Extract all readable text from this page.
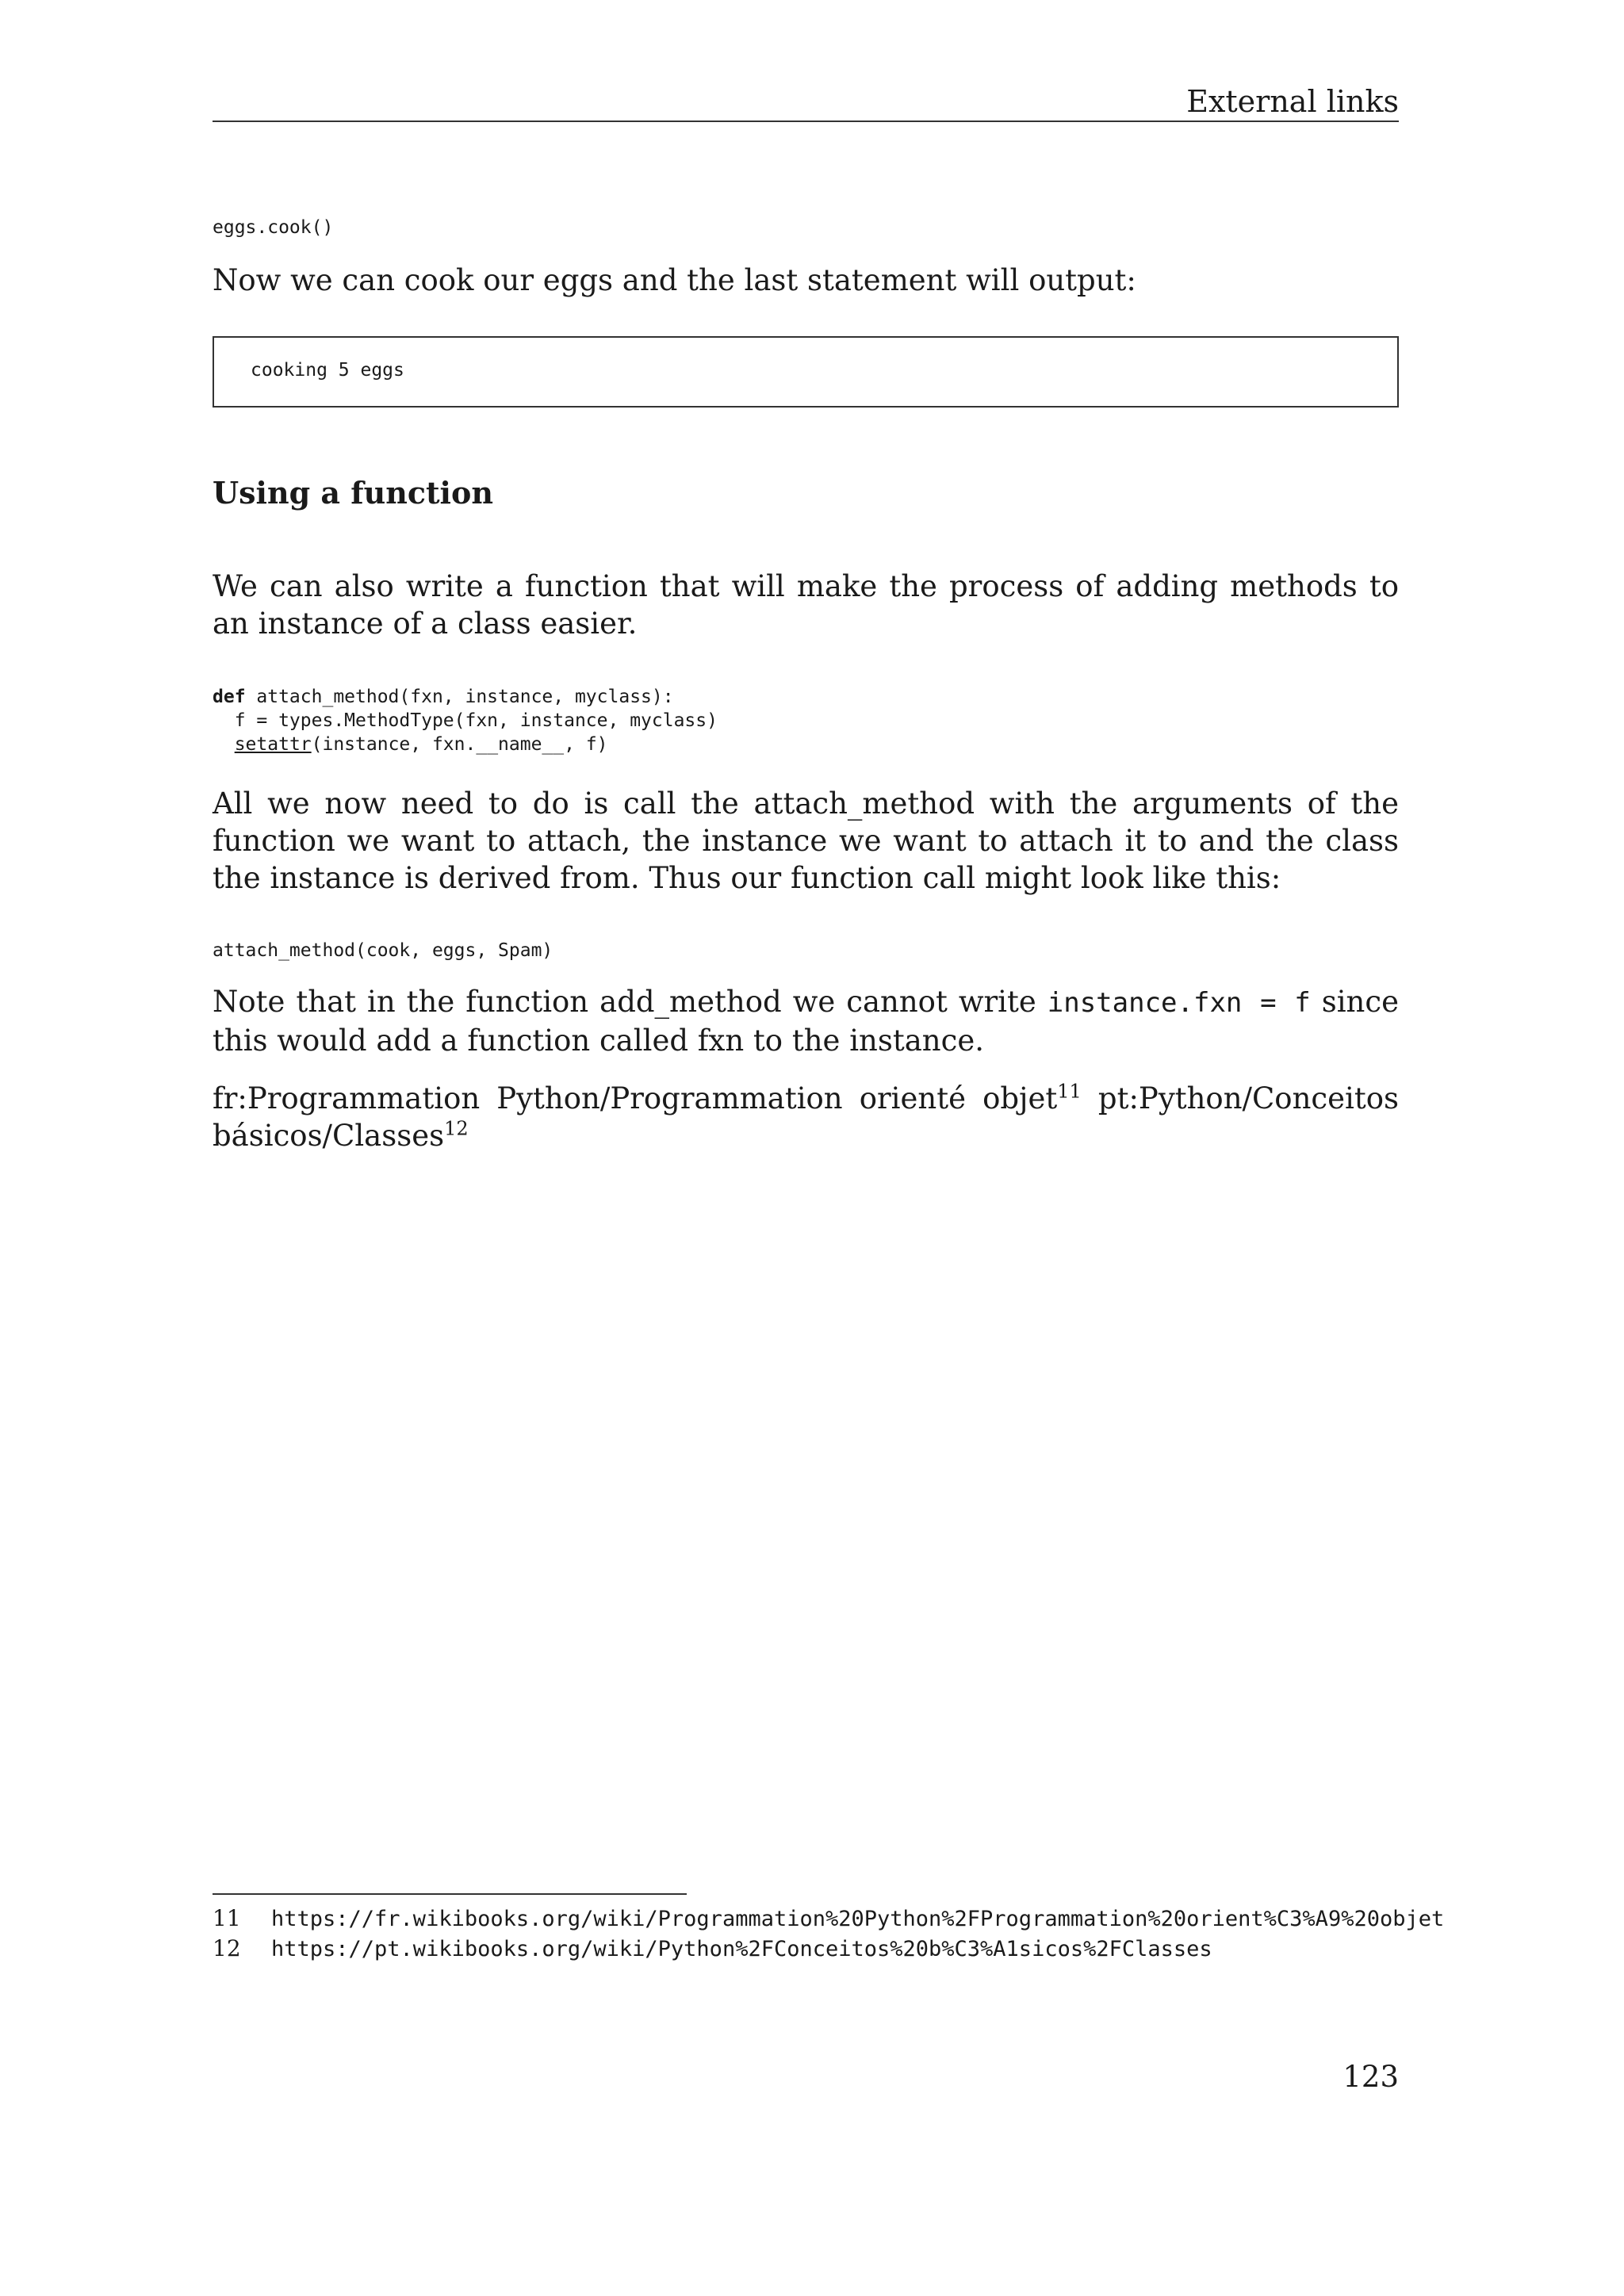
External links
eggs.cook()
Now we can cook our eggs and the last statement will output:
cooking 5 eggs
Using a function
We can also write a function that will make the process of adding methods to an instance of a class easier.
def attach_method(fxn, instance, myclass):
f = types.MethodType(fxn, instance, myclass)
setattr(instance, fxn.__name__, f)
All we now need to do is call the attach_method with the arguments of the function we want to attach, the instance we want to attach it to and the class the instance is derived from. Thus our function call might look like this:
attach_method(cook, eggs, Spam)
Note that in the function add_method we cannot write instance.fxn = f since this would add a function called fxn to the instance.
fr:Programmation Python/Programmation orienté objet$^{11}$ pt:Python/Conceitos básicos/Classes$^{12}$
11 https://fr.wikibooks.org/wiki/Programmation%20Python%2FProgrammation%20orient%C3%A9%20objet
12 https://pt.wikibooks.org/wiki/Python%2FConceitos%20b%C3%A1sicos%2FClasses
123
